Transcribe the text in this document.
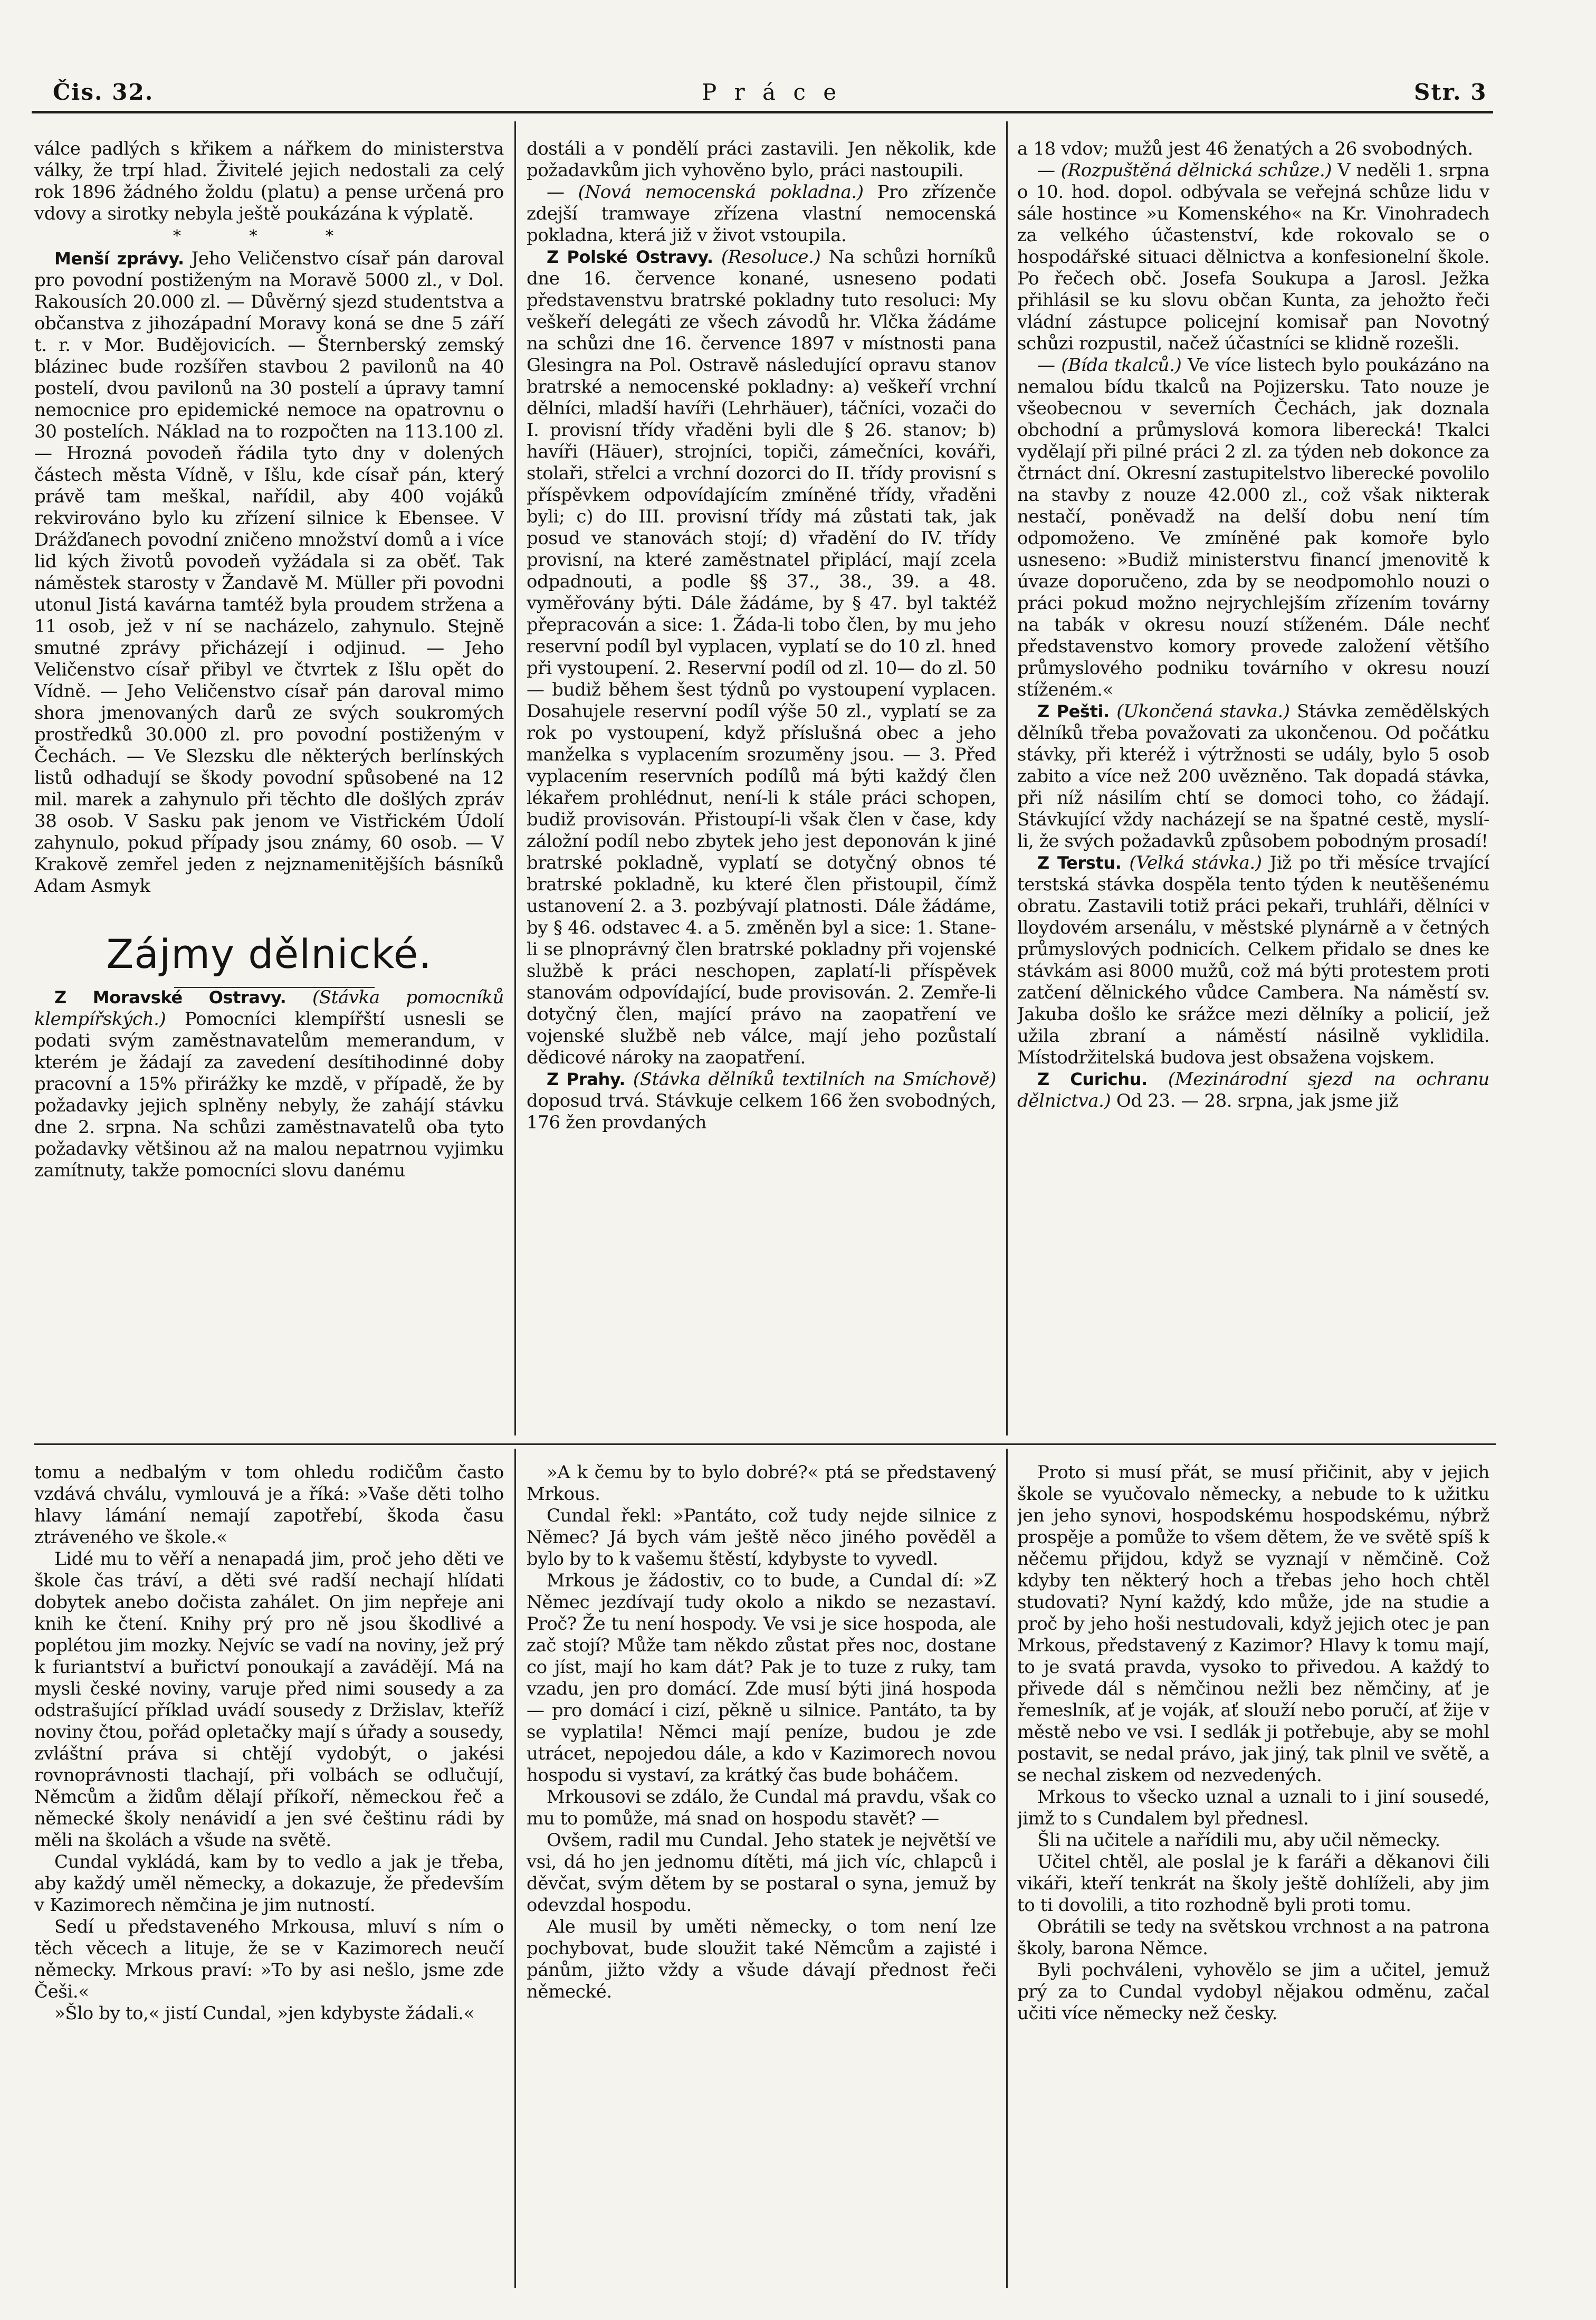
Čis. 32.	P r á c e	Str. 3

válce padlých s křikem a nářkem do ministerstva války, že trpí hlad. Živitelé jejich nedostali za celý rok 1896 žádného žoldu (platu) a pense určená pro vdovy a sirotky nebyla ještě poukázána k výplatě.

* * *

Menší zprávy. Jeho Veličenstvo císař pán daroval pro povodní postiženým na Moravě 5000 zl., v Dol. Rakousích 20.000 zl. — Důvěrný sjezd studentstva a občanstva z jihozápadní Moravy koná se dne 5 září t. r. v Mor. Budějovicích. — Šternberský zemský blázinec bude rozšířen stavbou 2 pavilonů na 40 postelí, dvou pavilonů na 30 postelí a úpravy tamní nemocnice pro epidemické nemoce na opatrovnu o 30 postelích. Náklad na to rozpočten na 113.100 zl. — Hrozná povodeň řádila tyto dny v dolených částech města Vídně, v Išlu, kde císař pán, který právě tam meškal, nařídil, aby 400 vojáků rekvirováno bylo ku zřízení silnice k Ebensee. V Drážďanech povodní zničeno množství domů a i více lid kých životů povodeň vyžádala si za oběť. Tak náměstek starosty v Žandavě M. Müller při povodni utonul Jistá kavárna tamtéž byla proudem stržena a 11 osob, jež v ní se nacházelo, zahynulo. Stejně smutné zprávy přicházejí i odjinud. — Jeho Veličenstvo císař přibyl ve čtvrtek z Išlu opět do Vídně. — Jeho Veličenstvo císař pán daroval mimo shora jmenovaných darů ze svých soukromých prostředků 30.000 zl. pro povodní postiženým v Čechách. — Ve Slezsku dle některých berlínských listů odhadují se škody povodní spůsobené na 12 mil. marek a zahynulo při těchto dle došlých zpráv 38 osob. V Sasku pak jenom ve Vistřickém Údolí zahynulo, pokud případy jsou známy, 60 osob. — V Krakově zemřel jeden z nejznamenitějších básníků Adam Asmyk

Zájmy dělnické.

Z Moravské Ostravy. (Stávka pomocníků klempířských.) Pomocníci klempířští usnesli se podati svým zaměstnavatelům memerandum, v kterém je žádají za zavedení desítihodinné doby pracovní a 15% přirážky ke mzdě, v případě, že by požadavky jejich splněny nebyly, že zahájí stávku dne 2. srpna. Na schůzi zaměstnavatelů oba tyto požadavky většinou až na malou nepatrnou vyjimku zamítnuty, takže pomocníci slovu danému

dostáli a v pondělí práci zastavili. Jen několik, kde požadavkům jich vyhověno bylo, práci nastoupili.

— (Nová nemocenská pokladna.) Pro zřízenče zdejší tramwaye zřízena vlastní nemocenská pokladna, která již v život vstoupila.

Z Polské Ostravy. (Resoluce.) Na schůzi horníků dne 16. července konané, usneseno podati představenstvu bratrské pokladny tuto resoluci: My veškeří delegáti ze všech závodů hr. Vlčka žádáme na schůzi dne 16. července 1897 v místnosti pana Glesingra na Pol. Ostravě následující opravu stanov bratrské a nemocenské pokladny: a) veškeří vrchní dělníci, mladší havíři (Lehrhäuer), táčníci, vozači do I. provisní třídy vřaděni byli dle § 26. stanov; b) havíři (Häuer), strojníci, topiči, zámečníci, kováři, stolaři, střelci a vrchní dozorci do II. třídy provisní s příspěvkem odpovídajícím zmíněné třídy, vřaděni byli; c) do III. provisní třídy má zůstati tak, jak posud ve stanovách stojí; d) vřadění do IV. třídy provisní, na které zaměstnatel připlácí, mají zcela odpadnouti, a podle §§ 37., 38., 39. a 48. vyměřovány býti. Dále žádáme, by § 47. byl taktéž přepracován a sice: 1. Žáda-li tobo člen, by mu jeho reservní podíl byl vyplacen, vyplatí se do 10 zl. hned při vystoupení. 2. Reservní podíl od zl. 10— do zl. 50— budiž během šest týdnů po vystoupení vyplacen. Dosahujele reservní podíl výše 50 zl., vyplatí se za rok po vystoupení, když příslušná obec a jeho manželka s vyplacením srozuměny jsou. — 3. Před vyplacením reservních podílů má býti každý člen lékařem prohlédnut, není-li k stále práci schopen, budiž provisován. Přistoupí-li však člen v čase, kdy záložní podíl nebo zbytek jeho jest deponován k jiné bratrské pokladně, vyplatí se dotyčný obnos té bratrské pokladně, ku které člen přistoupil, čímž ustanovení 2. a 3. pozbývají platnosti. Dále žádáme, by § 46. odstavec 4. a 5. změněn byl a sice: 1. Stane-li se plnoprávný člen bratrské pokladny při vojenské službě k práci neschopen, zaplatí-li příspěvek stanovám odpovídající, bude provisován. 2. Zemře-li dotyčný člen, mající právo na zaopatření ve vojenské službě neb válce, mají jeho pozůstalí dědicové nároky na zaopatření.

Z Prahy. (Stávka dělníků textilních na Smíchově) doposud trvá. Stávkuje celkem 166 žen svobodných, 176 žen provdaných

a 18 vdov; mužů jest 46 ženatých a 26 svobodných.

— (Rozpuštěná dělnická schůze.) V neděli 1. srpna o 10. hod. dopol. odbývala se veřejná schůze lidu v sále hostince »u Komenského« na Kr. Vinohradech za velkého účastenství, kde rokovalo se o hospodářské situaci dělnictva a konfesionelní škole. Po řečech obč. Josefa Soukupa a Jarosl. Ježka přihlásil se ku slovu občan Kunta, za jehožto řeči vládní zástupce policejní komisař pan Novotný schůzi rozpustil, načež účastníci se klidně rozešli.

— (Bída tkalců.) Ve více listech bylo poukázáno na nemalou bídu tkalců na Pojizersku. Tato nouze je všeobecnou v severních Čechách, jak doznala obchodní a průmyslová komora liberecká! Tkalci vydělají při pilné práci 2 zl. za týden neb dokonce za čtrnáct dní. Okresní zastupitelstvo liberecké povolilo na stavby z nouze 42.000 zl., což však nikterak nestačí, poněvadž na delší dobu není tím odpomoženo. Ve zmíněné pak komoře bylo usneseno: »Budiž ministerstvu financí jmenovitě k úvaze doporučeno, zda by se neodpomohlo nouzi o práci pokud možno nejrychlejším zřízením továrny na tabák v okresu nouzí stíženém. Dále nechť představenstvo komory provede založení většího průmyslového podniku továrního v okresu nouzí stíženém.«

Z Pešti. (Ukončená stavka.) Stávka zemědělských dělníků třeba považovati za ukončenou. Od počátku stávky, při kteréž i výtržnosti se udály, bylo 5 osob zabito a více než 200 uvězněno. Tak dopadá stávka, při níž násilím chtí se domoci toho, co žádají. Stávkující vždy nacházejí se na špatné cestě, myslí-li, že svých požadavků způsobem pobodným prosadí!

Z Terstu. (Velká stávka.) Již po tři měsíce trvající terstská stávka dospěla tento týden k neutěšenému obratu. Zastavili totiž práci pekaři, truhláři, dělníci v lloydovém arsenálu, v městské plynárně a v četných průmyslových podnicích. Celkem přidalo se dnes ke stávkám asi 8000 mužů, což má býti protestem proti zatčení dělnického vůdce Cambera. Na náměstí sv. Jakuba došlo ke srážce mezi dělníky a policií, jež užila zbraní a náměstí násilně vyklidila. Místodržitelská budova jest obsažena vojskem.

Z Curichu. (Mezinárodní sjezd na ochranu dělnictva.) Od 23. — 28. srpna, jak jsme již

tomu a nedbalým v tom ohledu rodičům často vzdává chválu, vymlouvá je a říká: »Vaše děti tolho hlavy lámání nemají zapotřebí, škoda času ztráveného ve škole.«

Lidé mu to věří a nenapadá jim, proč jeho děti ve škole čas tráví, a děti své radší nechají hlídati dobytek anebo dočista zahálet. On jim nepřeje ani knih ke čtení. Knihy prý pro ně jsou škodlivé a poplétou jim mozky. Nejvíc se vadí na noviny, jež prý k furiantství a buřictví ponoukají a zavádějí. Má na mysli české noviny, varuje před nimi sousedy a za odstrašující příklad uvádí sousedy z Držislav, kteříž noviny čtou, pořád opletačky mají s úřady a sousedy, zvláštní práva si chtějí vydobýt, o jakési rovnoprávnosti tlachají, při volbách se odlučují, Němcům a židům dělají příkoří, německou řeč a německé školy nenávidí a jen své češtinu rádi by měli na školách a všude na světě.

Cundal vykládá, kam by to vedlo a jak je třeba, aby každý uměl německy, a dokazuje, že především v Kazimorech němčina je jim nutností.

Sedí u představeného Mrkousa, mluví s ním o těch věcech a lituje, že se v Kazimorech neučí německy. Mrkous praví: »To by asi nešlo, jsme zde Češi.«

»Šlo by to,« jistí Cundal, »jen kdybyste žádali.«

»A k čemu by to bylo dobré?« ptá se představený Mrkous.

Cundal řekl: »Pantáto, což tudy nejde silnice z Němec? Já bych vám ještě něco jiného pověděl a bylo by to k vašemu štěstí, kdybyste to vyvedl.

Mrkous je žádostiv, co to bude, a Cundal dí: »Z Němec jezdívají tudy okolo a nikdo se nezastaví. Proč? Že tu není hospody. Ve vsi je sice hospoda, ale zač stojí? Může tam někdo zůstat přes noc, dostane co jíst, mají ho kam dát? Pak je to tuze z ruky, tam vzadu, jen pro domácí. Zde musí býti jiná hospoda — pro domácí i cizí, pěkně u silnice. Pantáto, ta by se vyplatila! Němci mají peníze, budou je zde utrácet, nepojedou dále, a kdo v Kazimorech novou hospodu si vystaví, za krátký čas bude boháčem.

Mrkousovi se zdálo, že Cundal má pravdu, však co mu to pomůže, má snad on hospodu stavět? —

Ovšem, radil mu Cundal. Jeho statek je největší ve vsi, dá ho jen jednomu dítěti, má jich víc, chlapců i děvčat, svým dětem by se postaral o syna, jemuž by odevzdal hospodu.

Ale musil by uměti německy, o tom není lze pochybovat, bude sloužit také Němcům a zajisté i pánům, jižto vždy a všude dávají přednost řeči německé.

Proto si musí přát, se musí přičinit, aby v jejich škole se vyučovalo německy, a nebude to k užitku jen jeho synovi, hospodskému hospodskému, nýbrž prospěje a pomůže to všem dětem, že ve světě spíš k něčemu přijdou, když se vyznají v němčině. Což kdyby ten některý hoch a třebas jeho hoch chtěl studovati? Nyní každý, kdo může, jde na studie a proč by jeho hoši nestudovali, když jejich otec je pan Mrkous, představený z Kazimor? Hlavy k tomu mají, to je svatá pravda, vysoko to přivedou. A každý to přivede dál s němčinou nežli bez němčiny, ať je řemeslník, ať je voják, ať slouží nebo poručí, ať žije v městě nebo ve vsi. I sedlák ji potřebuje, aby se mohl postavit, se nedal právo, jak jiný, tak plnil ve světě, a se nechal ziskem od nezvedených.

Mrkous to všecko uznal a uznali to i jiní sousedé, jimž to s Cundalem byl přednesl.

Šli na učitele a nařídili mu, aby učil německy.

Učitel chtěl, ale poslal je k faráři a děkanovi čili vikáři, kteří tenkrát na školy ještě dohlíželi, aby jim to ti dovolili, a tito rozhodně byli proti tomu.

Obrátili se tedy na světskou vrchnost a na patrona školy, barona Němce.

Byli pochváleni, vyhovělo se jim a učitel, jemuž prý za to Cundal vydobyl nějakou odměnu, začal učiti více německy než česky.
